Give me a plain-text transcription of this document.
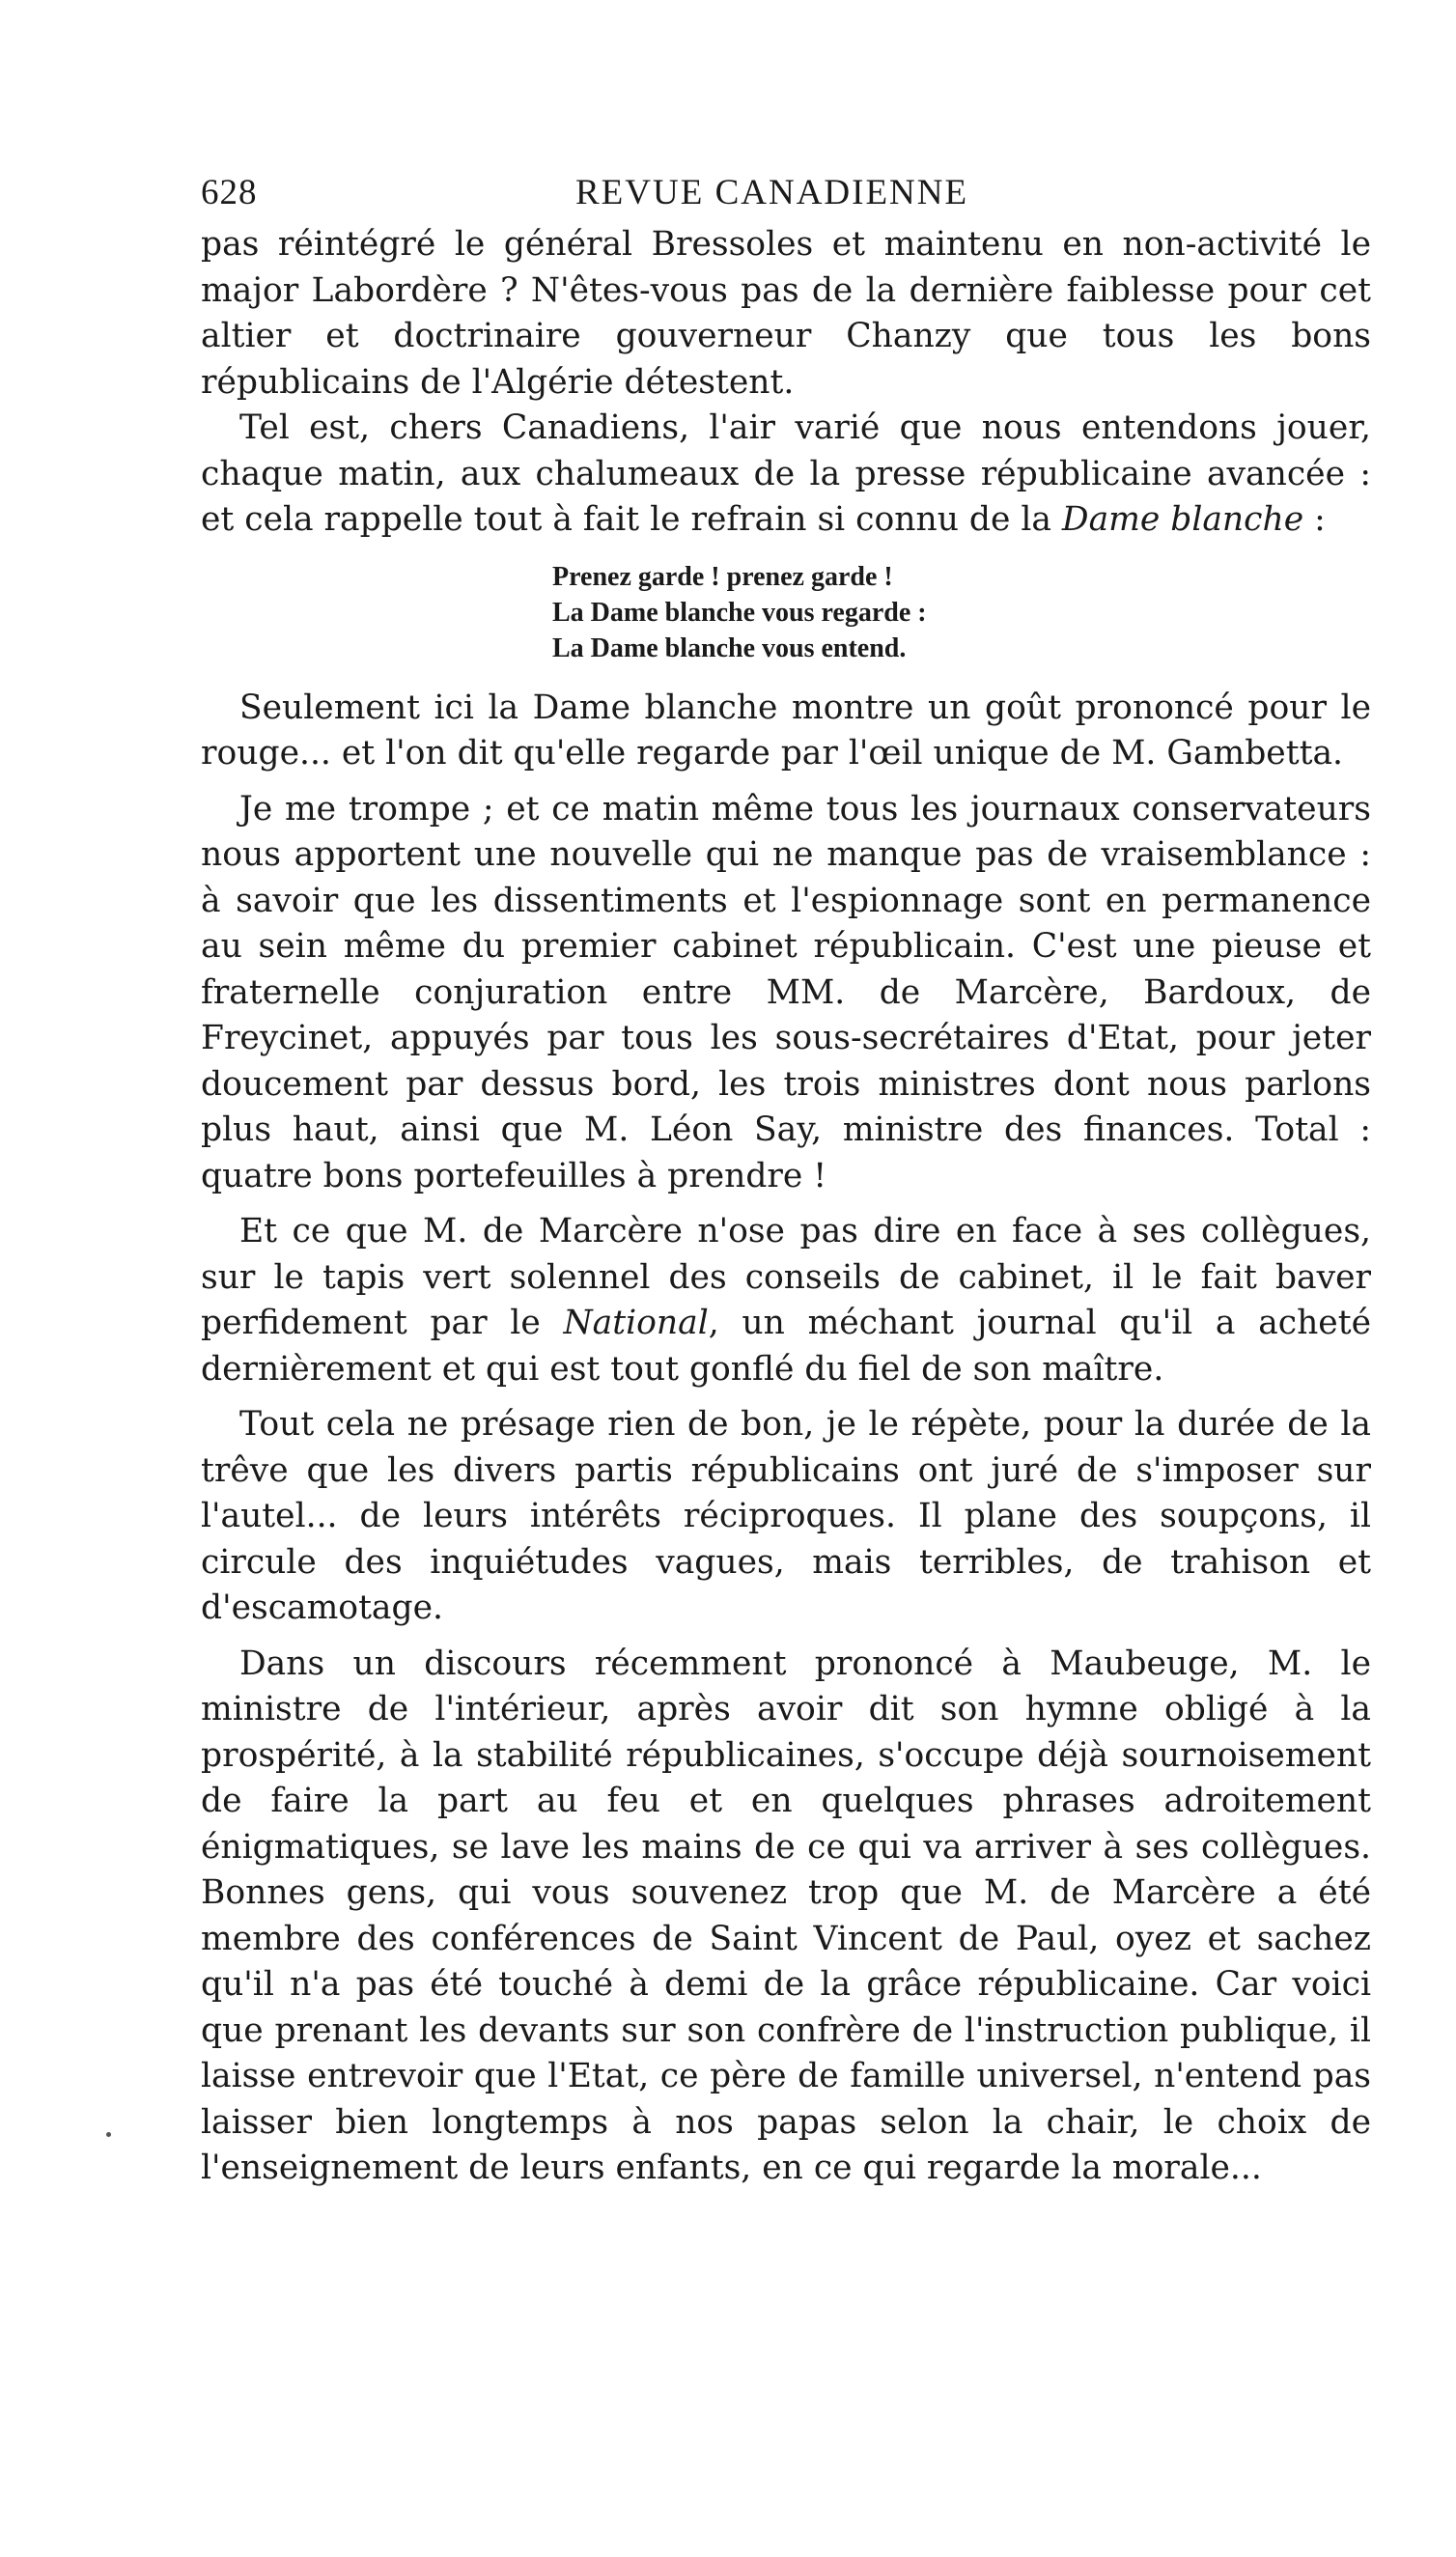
628	REVUE CANADIENNE

pas réintégré le général Bressoles et maintenu en non-activité le major Labordère ? N'êtes-vous pas de la dernière faiblesse pour cet altier et doctrinaire gouverneur Chanzy que tous les bons républicains de l'Algérie détestent.

Tel est, chers Canadiens, l'air varié que nous entendons jouer, chaque matin, aux chalumeaux de la presse républicaine avancée : et cela rappelle tout à fait le refrain si connu de la Dame blanche :

Prenez garde ! prenez garde !
La Dame blanche vous regarde :
La Dame blanche vous entend.

Seulement ici la Dame blanche montre un goût prononcé pour le rouge... et l'on dit qu'elle regarde par l'œil unique de M. Gambetta.

Je me trompe ; et ce matin même tous les journaux conservateurs nous apportent une nouvelle qui ne manque pas de vraisemblance : à savoir que les dissentiments et l'espionnage sont en permanence au sein même du premier cabinet républicain. C'est une pieuse et fraternelle conjuration entre MM. de Marcère, Bardoux, de Freycinet, appuyés par tous les sous-secrétaires d'Etat, pour jeter doucement par dessus bord, les trois ministres dont nous parlons plus haut, ainsi que M. Léon Say, ministre des finances. Total : quatre bons portefeuilles à prendre !

Et ce que M. de Marcère n'ose pas dire en face à ses collègues, sur le tapis vert solennel des conseils de cabinet, il le fait baver perfidement par le National, un méchant journal qu'il a acheté dernièrement et qui est tout gonflé du fiel de son maître.

Tout cela ne présage rien de bon, je le répète, pour la durée de la trêve que les divers partis républicains ont juré de s'imposer sur l'autel... de leurs intérêts réciproques. Il plane des soupçons, il circule des inquiétudes vagues, mais terribles, de trahison et d'escamotage.

Dans un discours récemment prononcé à Maubeuge, M. le ministre de l'intérieur, après avoir dit son hymne obligé à la prospérité, à la stabilité républicaines, s'occupe déjà sournoisement de faire la part au feu et en quelques phrases adroitement énigmatiques, se lave les mains de ce qui va arriver à ses collègues. Bonnes gens, qui vous souvenez trop que M. de Marcère a été membre des conférences de Saint Vincent de Paul, oyez et sachez qu'il n'a pas été touché à demi de la grâce républicaine. Car voici que prenant les devants sur son confrère de l'instruction publique, il laisse entrevoir que l'Etat, ce père de famille universel, n'entend pas laisser bien longtemps à nos papas selon la chair, le choix de l'enseignement de leurs enfants, en ce qui regarde la morale...
